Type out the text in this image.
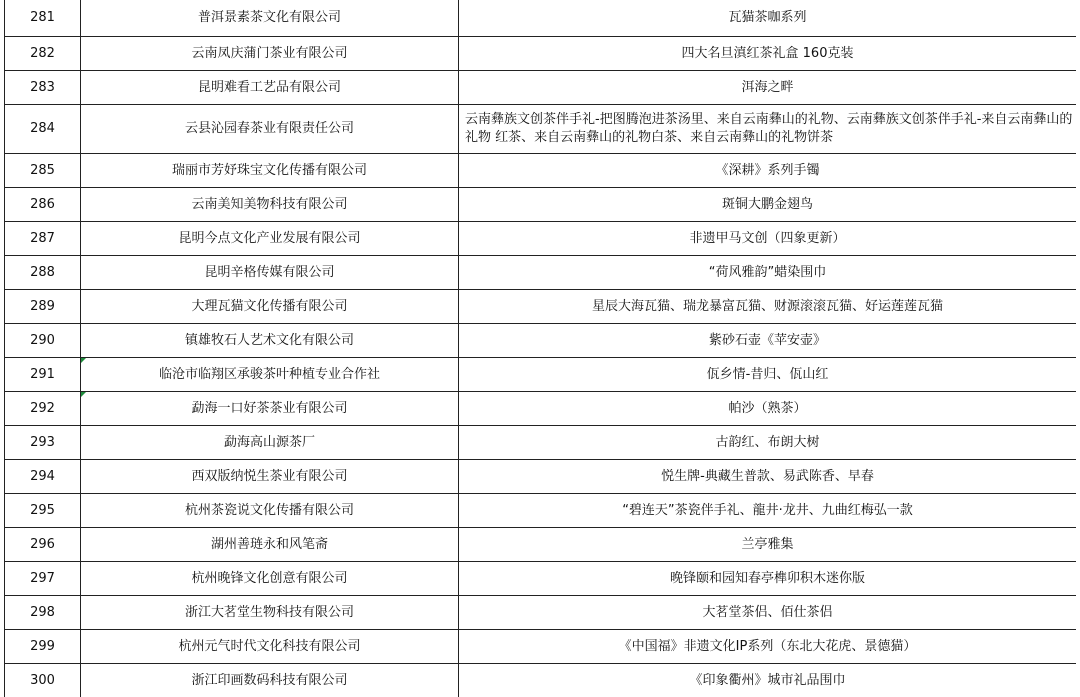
281	普洱景素茶文化有限公司	瓦猫茶咖系列
282	云南凤庆蒲门茶业有限公司	四大名旦滇红茶礼盒 160克装
283	昆明难看工艺品有限公司	洱海之畔
284	云县沁园春茶业有限责任公司	云南彝族文创茶伴手礼-把图腾泡进茶汤里、来自云南彝山的礼物、云南彝族文创茶伴手礼-来自云南彝山的礼物 红茶、来自云南彝山的礼物白茶、来自云南彝山的礼物饼茶
285	瑞丽市芳妤珠宝文化传播有限公司	《深耕》系列手镯
286	云南美知美物科技有限公司	斑铜大鹏金翅鸟
287	昆明今点文化产业发展有限公司	非遗甲马文创（四象更新）
288	昆明辛格传媒有限公司	“荷风雅韵”蜡染围巾
289	大理瓦猫文化传播有限公司	星辰大海瓦猫、瑞龙暴富瓦猫、财源滚滚瓦猫、好运莲莲瓦猫
290	镇雄牧石人艺术文化有限公司	紫砂石壶《苹安壶》
291	临沧市临翔区承骏茶叶种植专业合作社	佤乡情-昔归、佤山红
292	勐海一口好茶茶业有限公司	帕沙（熟茶）
293	勐海高山源茶厂	古韵红、布朗大树
294	西双版纳悦生茶业有限公司	悦生牌-典藏生普款、易武陈香、早春
295	杭州茶瓷说文化传播有限公司	“碧连天”茶瓷伴手礼、龍井·龙井、九曲红梅弘一款
296	湖州善琏永和风笔斋	兰亭雅集
297	杭州晚锋文化创意有限公司	晚锋颐和园知春亭榫卯积木迷你版
298	浙江大茗堂生物科技有限公司	大茗堂茶侣、佰仕茶侣
299	杭州元气时代文化科技有限公司	《中国福》非遗文化IP系列（东北大花虎、景德猫）
300	浙江印画数码科技有限公司	《印象衢州》城市礼品围巾
